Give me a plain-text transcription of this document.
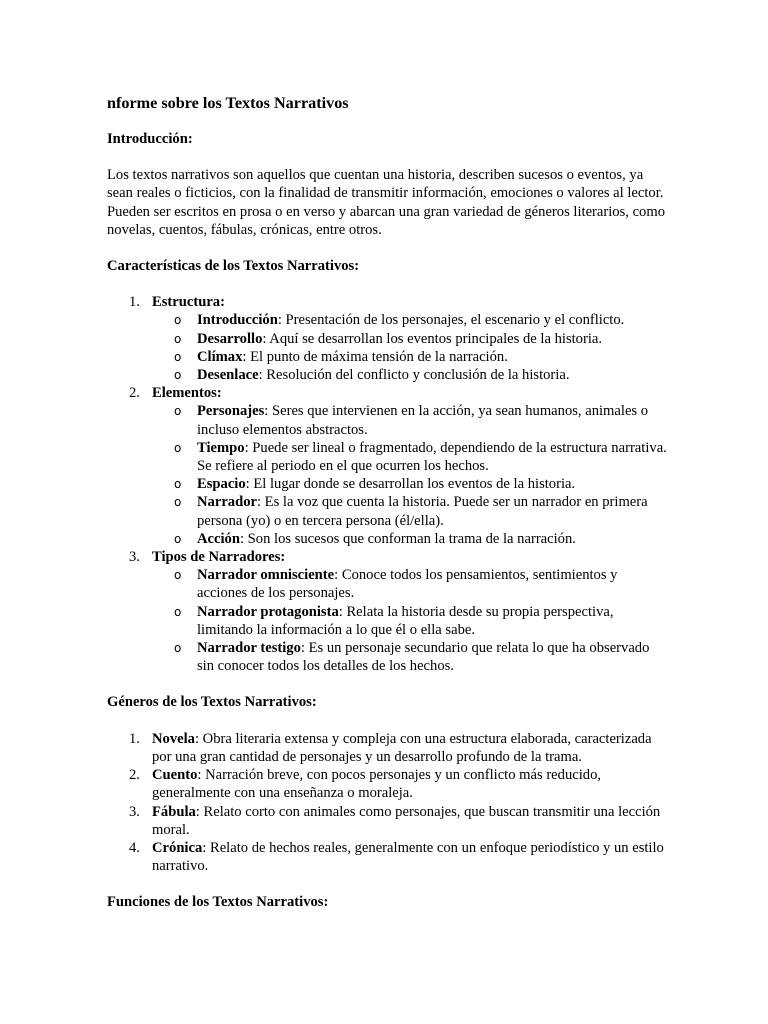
nforme sobre los Textos Narrativos

Introducción:

Los textos narrativos son aquellos que cuentan una historia, describen sucesos o eventos, ya sean reales o ficticios, con la finalidad de transmitir información, emociones o valores al lector. Pueden ser escritos en prosa o en verso y abarcan una gran variedad de géneros literarios, como novelas, cuentos, fábulas, crónicas, entre otros.

Características de los Textos Narrativos:

1. Estructura:
o Introducción: Presentación de los personajes, el escenario y el conflicto.
o Desarrollo: Aquí se desarrollan los eventos principales de la historia.
o Clímax: El punto de máxima tensión de la narración.
o Desenlace: Resolución del conflicto y conclusión de la historia.
2. Elementos:
o Personajes: Seres que intervienen en la acción, ya sean humanos, animales o incluso elementos abstractos.
o Tiempo: Puede ser lineal o fragmentado, dependiendo de la estructura narrativa. Se refiere al periodo en el que ocurren los hechos.
o Espacio: El lugar donde se desarrollan los eventos de la historia.
o Narrador: Es la voz que cuenta la historia. Puede ser un narrador en primera persona (yo) o en tercera persona (él/ella).
o Acción: Son los sucesos que conforman la trama de la narración.
3. Tipos de Narradores:
o Narrador omnisciente: Conoce todos los pensamientos, sentimientos y acciones de los personajes.
o Narrador protagonista: Relata la historia desde su propia perspectiva, limitando la información a lo que él o ella sabe.
o Narrador testigo: Es un personaje secundario que relata lo que ha observado sin conocer todos los detalles de los hechos.

Géneros de los Textos Narrativos:

1. Novela: Obra literaria extensa y compleja con una estructura elaborada, caracterizada por una gran cantidad de personajes y un desarrollo profundo de la trama.
2. Cuento: Narración breve, con pocos personajes y un conflicto más reducido, generalmente con una enseñanza o moraleja.
3. Fábula: Relato corto con animales como personajes, que buscan transmitir una lección moral.
4. Crónica: Relato de hechos reales, generalmente con un enfoque periodístico y un estilo narrativo.

Funciones de los Textos Narrativos:
